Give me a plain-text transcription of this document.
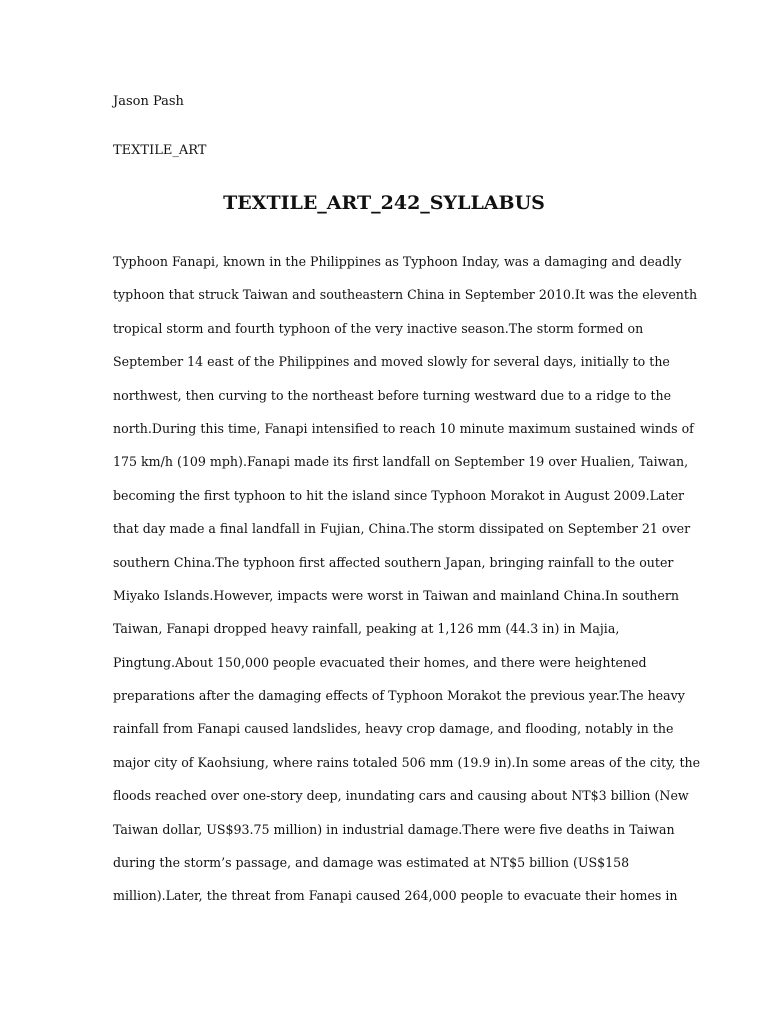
Jason Pash
TEXTILE_ART
TEXTILE_ART_242_SYLLABUS
Typhoon Fanapi, known in the Philippines as Typhoon Inday, was a damaging and deadly
typhoon that struck Taiwan and southeastern China in September 2010.It was the eleventh
tropical storm and fourth typhoon of the very inactive season.The storm formed on
September 14 east of the Philippines and moved slowly for several days, initially to the
northwest, then curving to the northeast before turning westward due to a ridge to the
north.During this time, Fanapi intensified to reach 10 minute maximum sustained winds of
175 km/h (109 mph).Fanapi made its first landfall on September 19 over Hualien, Taiwan,
becoming the first typhoon to hit the island since Typhoon Morakot in August 2009.Later
that day made a final landfall in Fujian, China.The storm dissipated on September 21 over
southern China.The typhoon first affected southern Japan, bringing rainfall to the outer
Miyako Islands.However, impacts were worst in Taiwan and mainland China.In southern
Taiwan, Fanapi dropped heavy rainfall, peaking at 1,126 mm (44.3 in) in Majia,
Pingtung.About 150,000 people evacuated their homes, and there were heightened
preparations after the damaging effects of Typhoon Morakot the previous year.The heavy
rainfall from Fanapi caused landslides, heavy crop damage, and flooding, notably in the
major city of Kaohsiung, where rains totaled 506 mm (19.9 in).In some areas of the city, the
floods reached over one-story deep, inundating cars and causing about NT$3 billion (New
Taiwan dollar, US$93.75 million) in industrial damage.There were five deaths in Taiwan
during the storm’s passage, and damage was estimated at NT$5 billion (US$158
million).Later, the threat from Fanapi caused 264,000 people to evacuate their homes in
